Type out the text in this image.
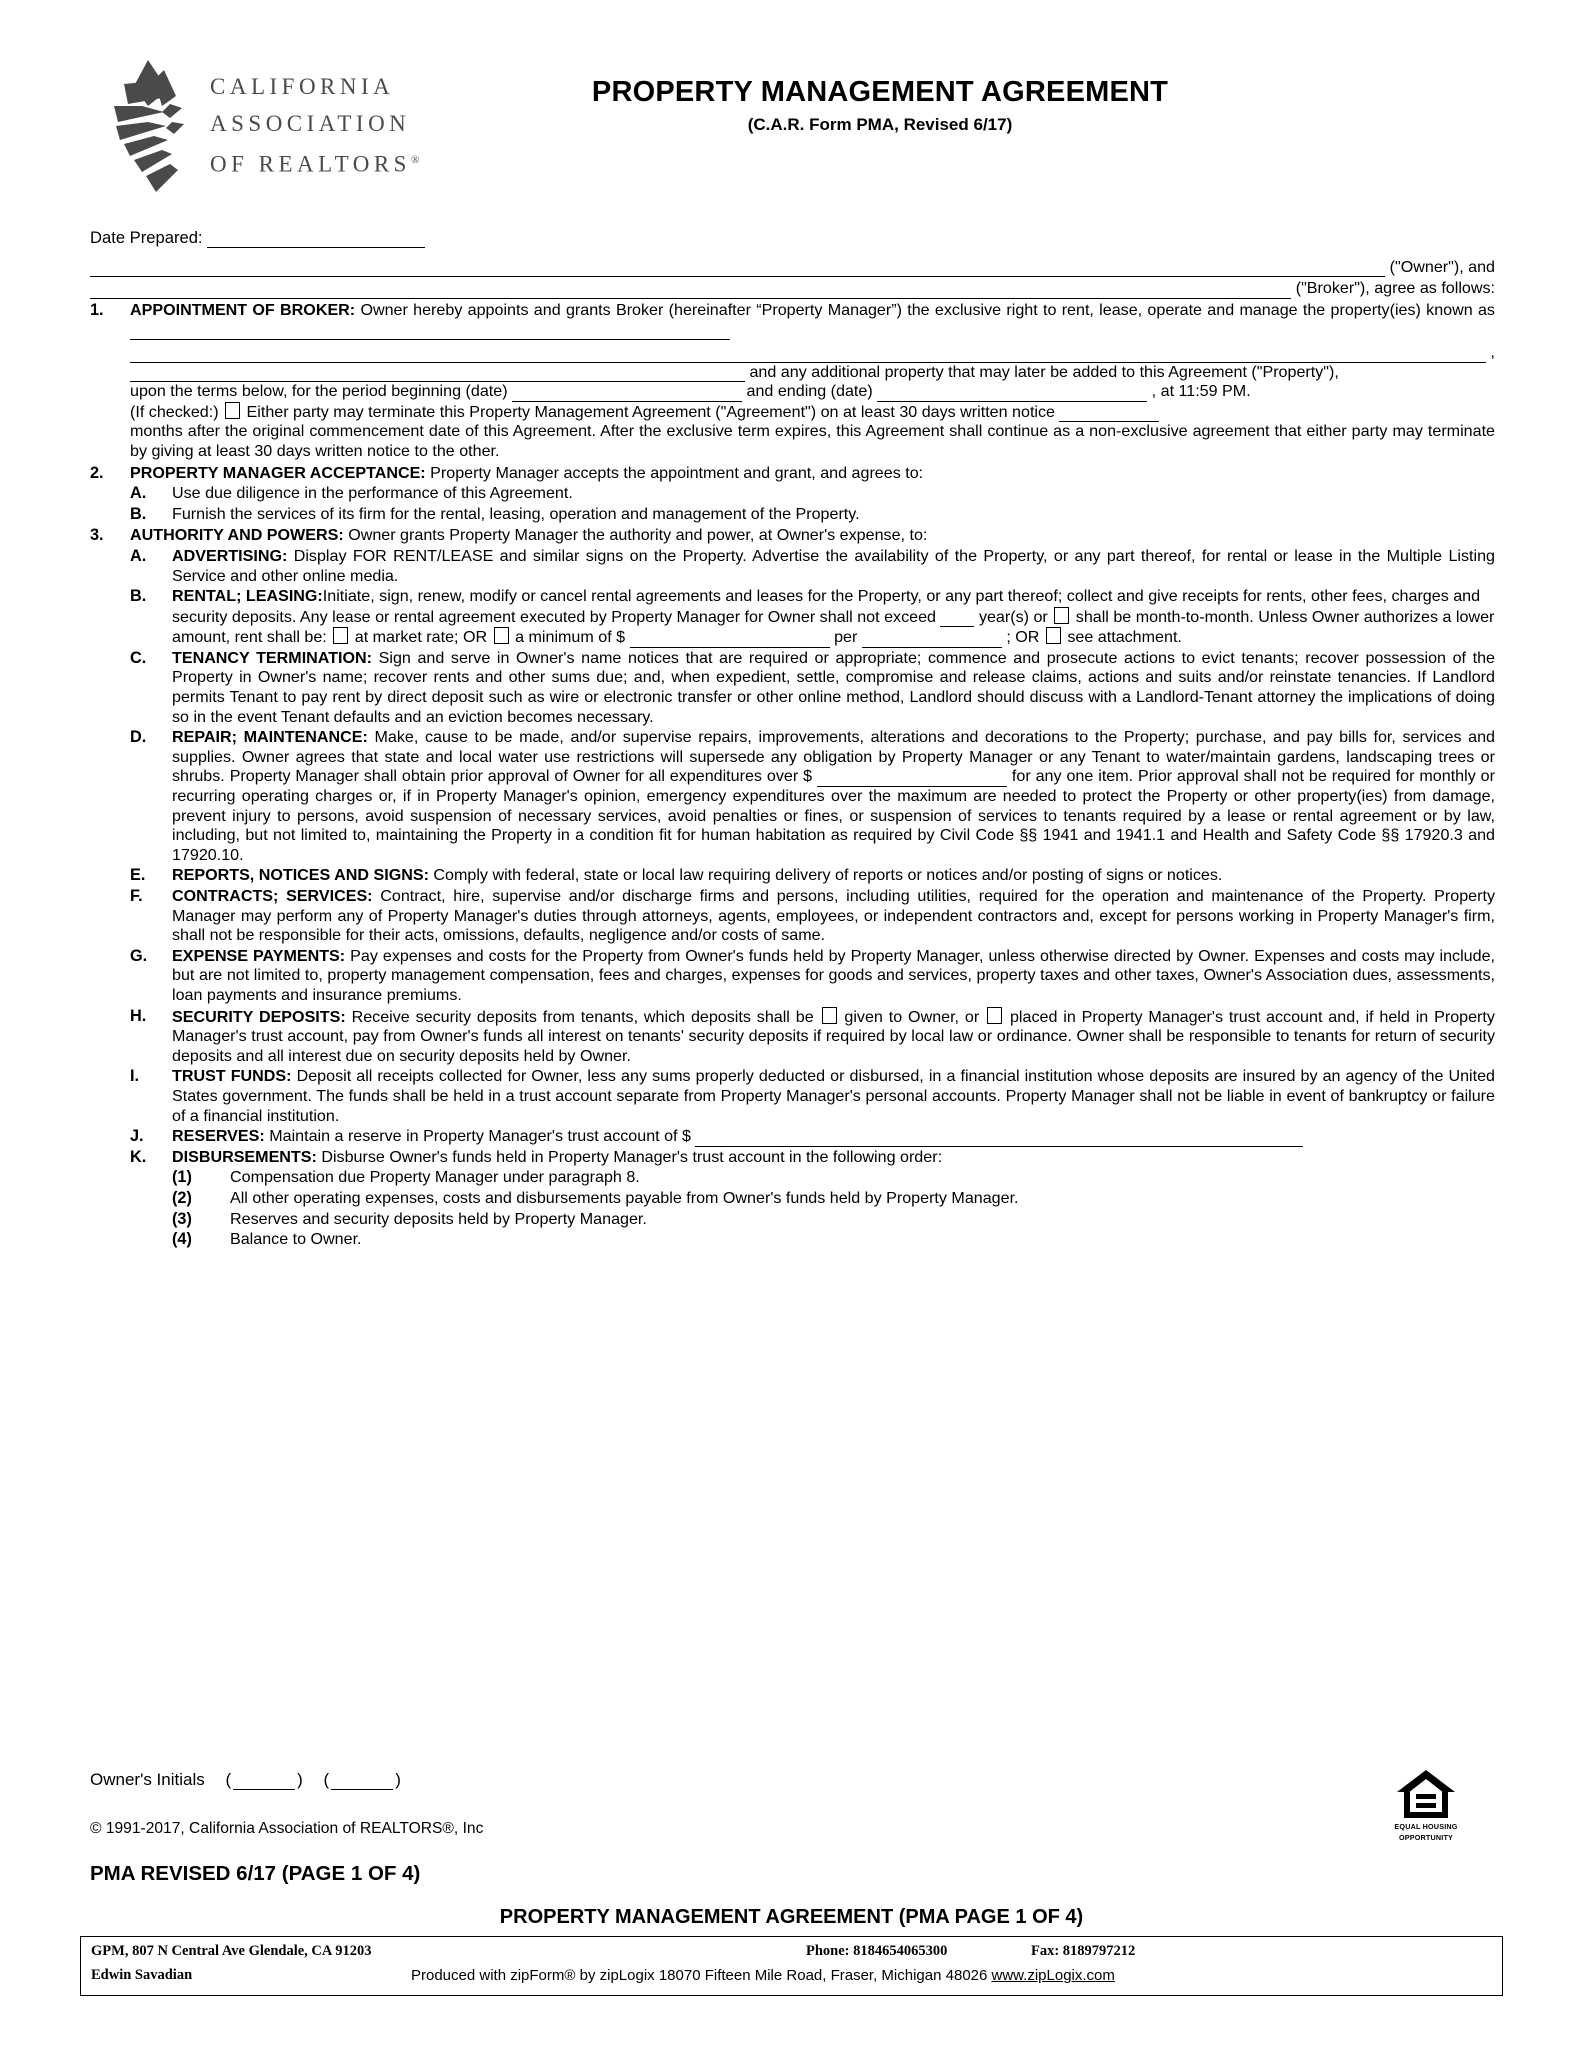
CALIFORNIA
ASSOCIATION
OF REALTORS®
PROPERTY MANAGEMENT AGREEMENT
(C.A.R. Form PMA, Revised 6/17)
Date Prepared:
("Owner"), and
("Broker"), agree as follows:
1.	APPOINTMENT OF BROKER: Owner hereby appoints and grants Broker (hereinafter “Property Manager”) the exclusive right to rent, lease, operate and manage the property(ies) known as
,
and any additional property that may later be added to this Agreement ("Property"),
upon the terms below, for the period beginning (date)	and ending (date)	, at 11:59 PM.
(If checked:) Either party may terminate this Property Management Agreement ("Agreement") on at least 30 days written notice
months after the original commencement date of this Agreement. After the exclusive term expires, this Agreement shall continue as a non-exclusive agreement that either party may terminate by giving at least 30 days written notice to the other.
2.	PROPERTY MANAGER ACCEPTANCE: Property Manager accepts the appointment and grant, and agrees to:
A.	Use due diligence in the performance of this Agreement.
B.	Furnish the services of its firm for the rental, leasing, operation and management of the Property.
3.	AUTHORITY AND POWERS: Owner grants Property Manager the authority and power, at Owner's expense, to:
A.	ADVERTISING: Display FOR RENT/LEASE and similar signs on the Property. Advertise the availability of the Property, or any part thereof, for rental or lease in the Multiple Listing Service and other online media.
B.	RENTAL; LEASING:Initiate, sign, renew, modify or cancel rental agreements and leases for the Property, or any part thereof; collect and give receipts for rents, other fees, charges and security deposits. Any lease or rental agreement executed by Property Manager for Owner shall not exceed	year(s) or shall be month-to-month. Unless Owner authorizes a lower amount, rent shall be: at market rate; OR a minimum of $	per	; OR see attachment.
C.	TENANCY TERMINATION: Sign and serve in Owner's name notices that are required or appropriate; commence and prosecute actions to evict tenants; recover possession of the Property in Owner's name; recover rents and other sums due; and, when expedient, settle, compromise and release claims, actions and suits and/or reinstate tenancies. If Landlord permits Tenant to pay rent by direct deposit such as wire or electronic transfer or other online method, Landlord should discuss with a Landlord-Tenant attorney the implications of doing so in the event Tenant defaults and an eviction becomes necessary.
D.	REPAIR; MAINTENANCE: Make, cause to be made, and/or supervise repairs, improvements, alterations and decorations to the Property; purchase, and pay bills for, services and supplies. Owner agrees that state and local water use restrictions will supersede any obligation by Property Manager or any Tenant to water/maintain gardens, landscaping trees or shrubs. Property Manager shall obtain prior approval of Owner for all expenditures over $	for any one item. Prior approval shall not be required for monthly or recurring operating charges or, if in Property Manager's opinion, emergency expenditures over the maximum are needed to protect the Property or other property(ies) from damage, prevent injury to persons, avoid suspension of necessary services, avoid penalties or fines, or suspension of services to tenants required by a lease or rental agreement or by law, including, but not limited to, maintaining the Property in a condition fit for human habitation as required by Civil Code §§ 1941 and 1941.1 and Health and Safety Code §§ 17920.3 and 17920.10.
E.	REPORTS, NOTICES AND SIGNS: Comply with federal, state or local law requiring delivery of reports or notices and/or posting of signs or notices.
F.	CONTRACTS; SERVICES: Contract, hire, supervise and/or discharge firms and persons, including utilities, required for the operation and maintenance of the Property. Property Manager may perform any of Property Manager's duties through attorneys, agents, employees, or independent contractors and, except for persons working in Property Manager's firm, shall not be responsible for their acts, omissions, defaults, negligence and/or costs of same.
G.	EXPENSE PAYMENTS: Pay expenses and costs for the Property from Owner's funds held by Property Manager, unless otherwise directed by Owner. Expenses and costs may include, but are not limited to, property management compensation, fees and charges, expenses for goods and services, property taxes and other taxes, Owner's Association dues, assessments, loan payments and insurance premiums.
H.	SECURITY DEPOSITS: Receive security deposits from tenants, which deposits shall be given to Owner, or placed in Property Manager's trust account and, if held in Property Manager's trust account, pay from Owner's funds all interest on tenants' security deposits if required by local law or ordinance. Owner shall be responsible to tenants for return of security deposits and all interest due on security deposits held by Owner.
I.	TRUST FUNDS: Deposit all receipts collected for Owner, less any sums properly deducted or disbursed, in a financial institution whose deposits are insured by an agency of the United States government. The funds shall be held in a trust account separate from Property Manager's personal accounts. Property Manager shall not be liable in event of bankruptcy or failure of a financial institution.
J.	RESERVES: Maintain a reserve in Property Manager's trust account of $
K.	DISBURSEMENTS: Disburse Owner's funds held in Property Manager's trust account in the following order:
(1)	Compensation due Property Manager under paragraph 8.
(2)	All other operating expenses, costs and disbursements payable from Owner's funds held by Property Manager.
(3)	Reserves and security deposits held by Property Manager.
(4)	Balance to Owner.
Owner's Initials (	) (	)
© 1991-2017, California Association of REALTORS®, Inc	EQUAL HOUSING
OPPORTUNITY
PMA REVISED 6/17 (PAGE 1 OF 4)
PROPERTY MANAGEMENT AGREEMENT (PMA PAGE 1 OF 4)
GPM, 807 N Central Ave Glendale, CA 91203	Phone: 8184654065300	Fax: 8189797212
Edwin Savadian	Produced with zipForm® by zipLogix 18070 Fifteen Mile Road, Fraser, Michigan 48026 www.zipLogix.com
